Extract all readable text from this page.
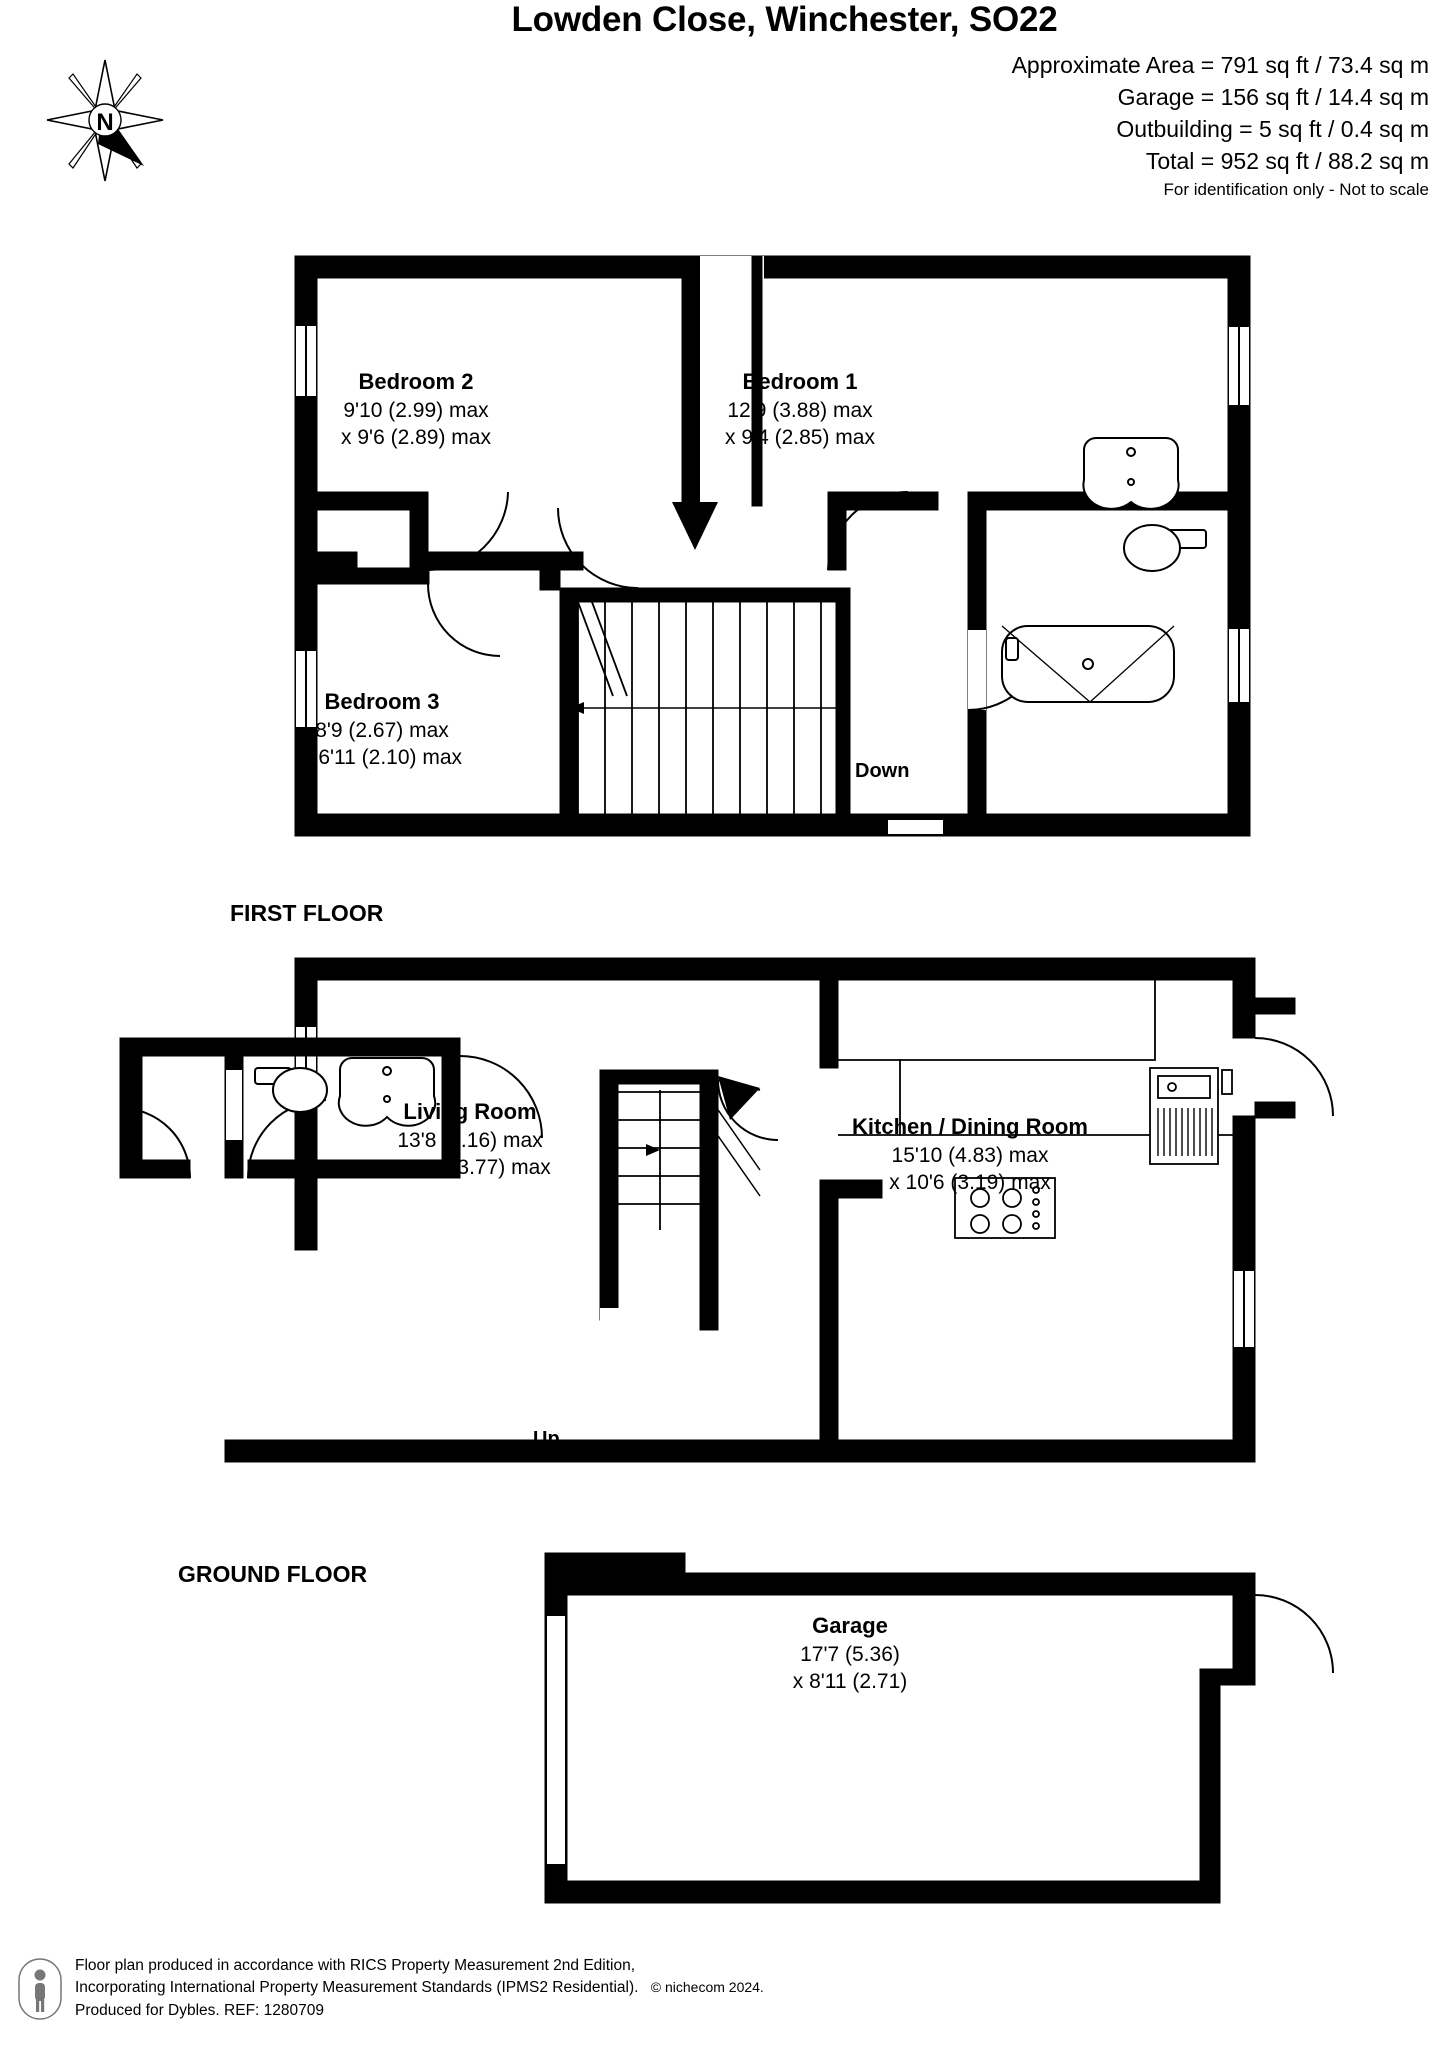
Lowden Close, Winchester, SO22
Approximate Area = 791 sq ft / 73.4 sq m
Garage = 156 sq ft / 14.4 sq m
Outbuilding = 5 sq ft / 0.4 sq m
Total = 952 sq ft / 88.2 sq m
For identification only - Not to scale
N
Bedroom 2
9'10 (2.99) max
x 9'6 (2.89) max
Bedroom 1
12'9 (3.88) max
x 9'4 (2.85) max
Bedroom 3
8'9 (2.67) max
x 6'11 (2.10) max
Down
FIRST FLOOR
Living Room
13'8 (4.16) max
x 12'4 (3.77) max
Kitchen / Dining Room
15'10 (4.83) max
x 10'6 (3.19) max
Up
GROUND FLOOR
Garage
17'7 (5.36)
x 8'11 (2.71)
Floor plan produced in accordance with RICS Property Measurement 2nd Edition,
Incorporating International Property Measurement Standards (IPMS2 Residential). © nichecom 2024.
Produced for Dybles. REF: 1280709
